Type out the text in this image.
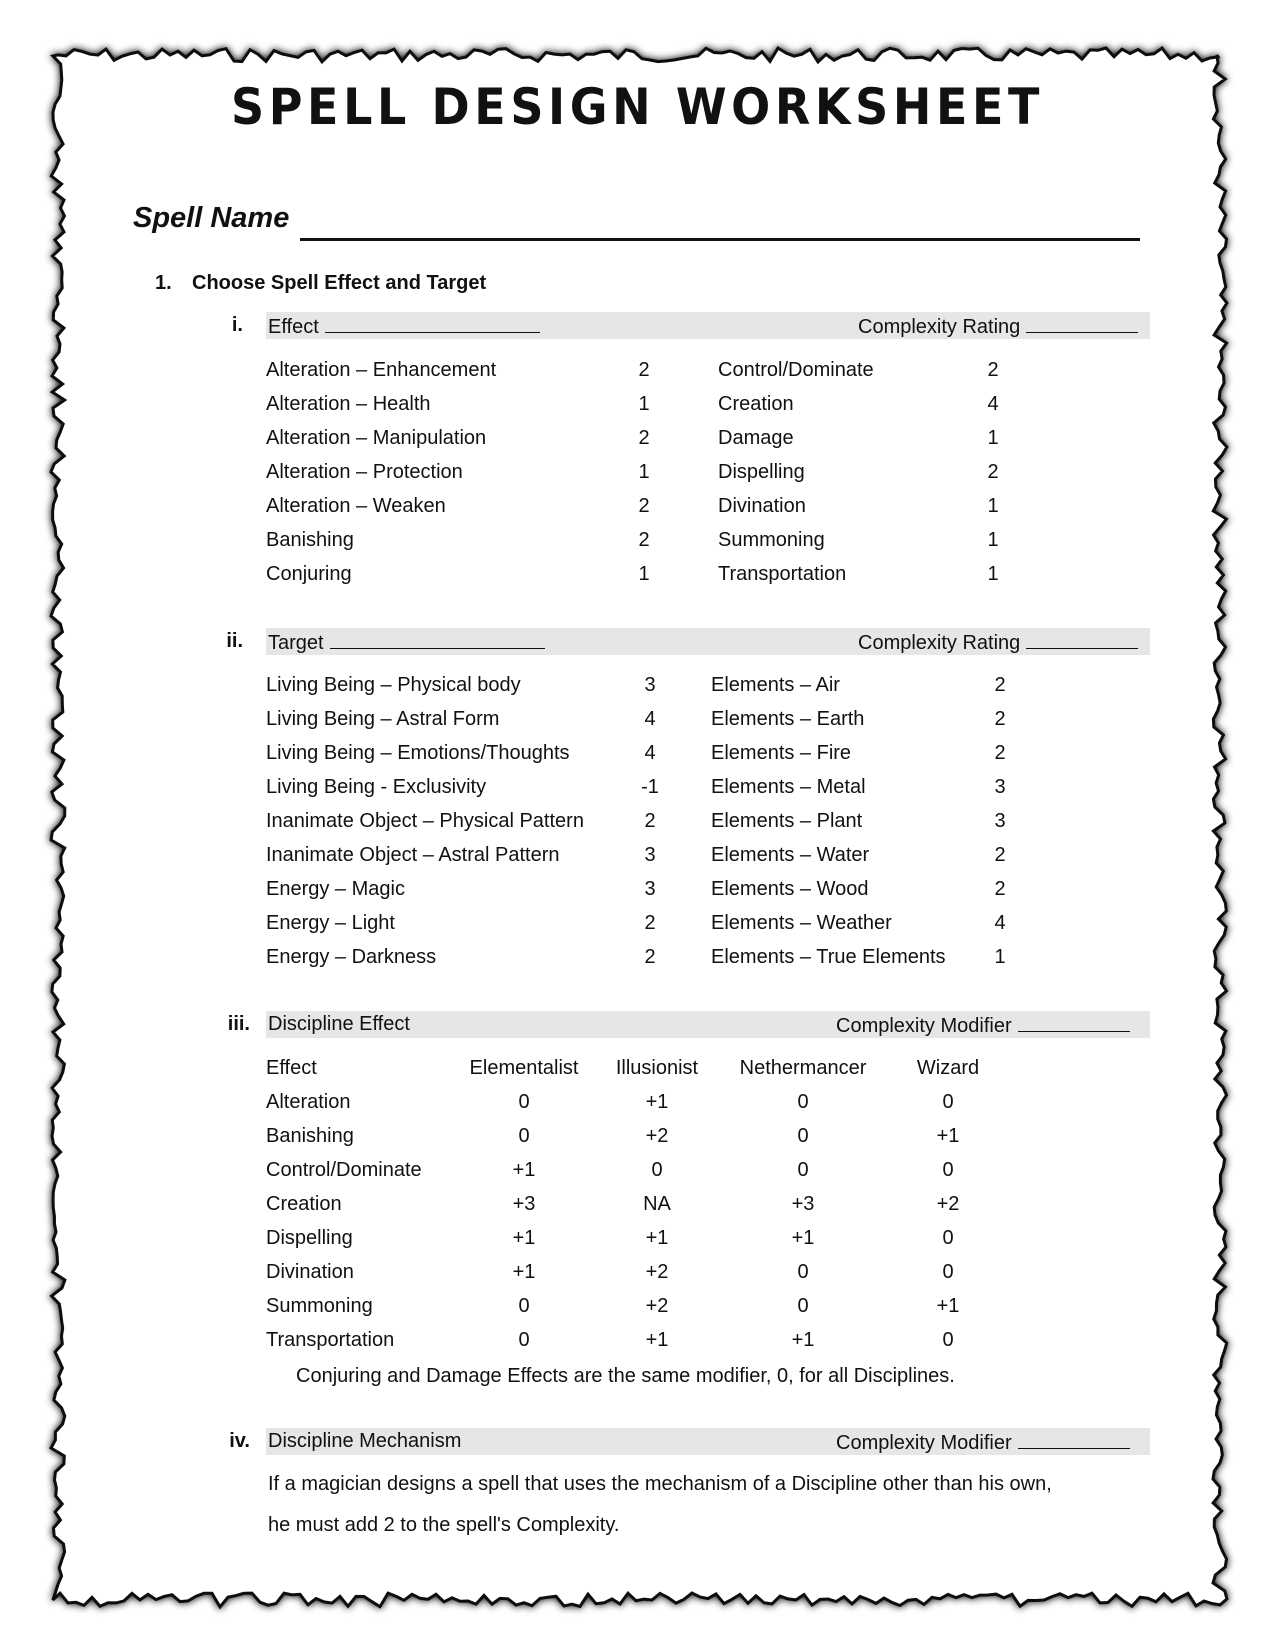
SPELL DESIGN WORKSHEET
Spell Name
1. Choose Spell Effect and Target
i. Effect	Complexity Rating
ii. Target	Complexity Rating
iii. Discipline Effect	Complexity Modifier
Conjuring and Damage Effects are the same modifier, 0, for all Disciplines.
iv. Discipline Mechanism	Complexity Modifier
If a magician designs a spell that uses the mechanism of a Discipline other than his own,
he must add 2 to the spell's Complexity.
Alteration – Enhancement	2
Alteration – Health	1
Alteration – Manipulation	2
Alteration – Protection	1
Alteration – Weaken	2
Banishing	2
Conjuring	1
Control/Dominate	2
Creation	4
Damage	1
Dispelling	2
Divination	1
Summoning	1
Transportation	1
Living Being – Physical body	3
Living Being – Astral Form	4
Living Being – Emotions/Thoughts	4
Living Being - Exclusivity	-1
Inanimate Object – Physical Pattern	2
Inanimate Object – Astral Pattern	3
Energy – Magic	3
Energy – Light	2
Energy – Darkness	2
Elements – Air	2
Elements – Earth	2
Elements – Fire	2
Elements – Metal	3
Elements – Plant	3
Elements – Water	2
Elements – Wood	2
Elements – Weather	4
Elements – True Elements	1
Effect	Elementalist	Illusionist	Nethermancer	Wizard
Alteration	0	+1	0	0
Banishing	0	+2	0	+1
Control/Dominate	+1	0	0	0
Creation	+3	NA	+3	+2
Dispelling	+1	+1	+1	0
Divination	+1	+2	0	0
Summoning	0	+2	0	+1
Transportation	0	+1	+1	0
